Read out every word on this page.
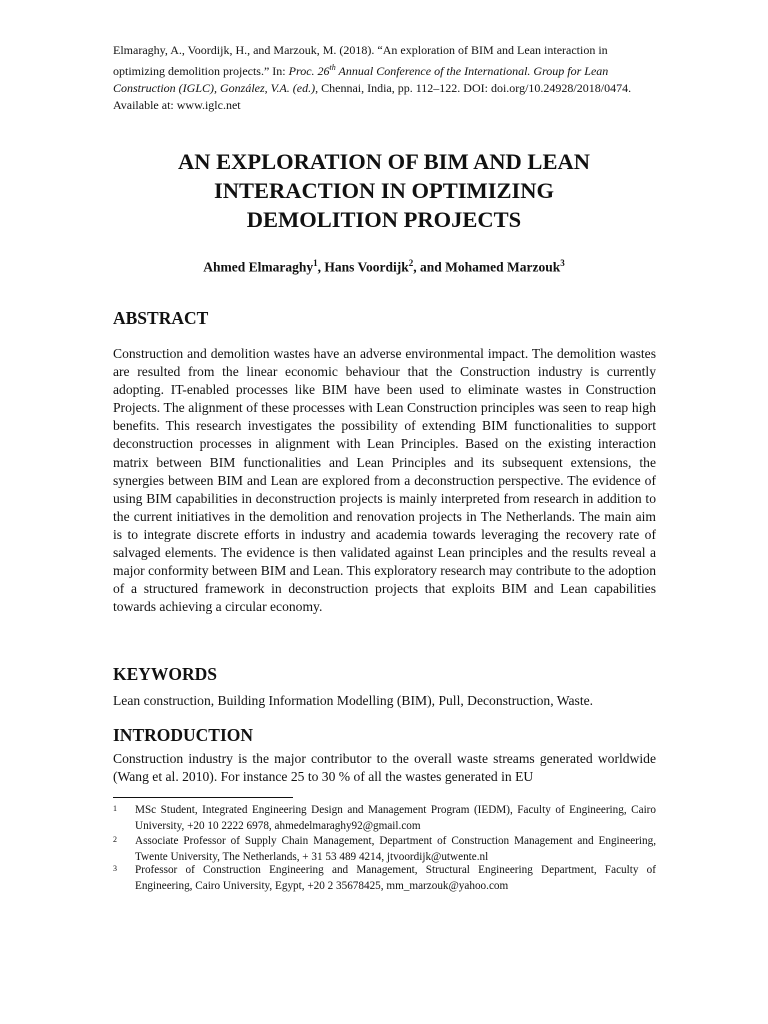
Elmaraghy, A., Voordijk, H., and Marzouk, M. (2018). “An exploration of BIM and Lean interaction in
optimizing demolition projects.” In: Proc. 26th Annual Conference of the International. Group for Lean
Construction (IGLC), González, V.A. (ed.), Chennai, India, pp. 112–122. DOI: doi.org/10.24928/2018/0474.
Available at: www.iglc.net
AN EXPLORATION OF BIM AND LEAN
INTERACTION IN OPTIMIZING
DEMOLITION PROJECTS
Ahmed Elmaraghy$^1$, Hans Voordijk$^2$, and Mohamed Marzouk$^3$
ABSTRACT
Construction and demolition wastes have an adverse environmental impact. The demolition wastes are resulted from the linear economic behaviour that the Construction industry is currently adopting. IT-enabled processes like BIM have been used to eliminate wastes in Construction Projects. The alignment of these processes with Lean Construction principles was seen to reap high benefits. This research investigates the possibility of extending BIM functionalities to support deconstruction processes in alignment with Lean Principles. Based on the existing interaction matrix between BIM functionalities and Lean Principles and its subsequent extensions, the synergies between BIM and Lean are explored from a deconstruction perspective. The evidence of using BIM capabilities in deconstruction projects is mainly interpreted from research in addition to the current initiatives in the demolition and renovation projects in The Netherlands. The main aim is to integrate discrete efforts in industry and academia towards leveraging the recovery rate of salvaged elements. The evidence is then validated against Lean principles and the results reveal a major conformity between BIM and Lean. This exploratory research may contribute to the adoption of a structured framework in deconstruction projects that exploits BIM and Lean capabilities towards achieving a circular economy.
KEYWORDS
Lean construction, Building Information Modelling (BIM), Pull, Deconstruction, Waste.
INTRODUCTION
Construction industry is the major contributor to the overall waste streams generated worldwide (Wang et al. 2010). For instance 25 to 30 % of all the wastes generated in EU
1 MSc Student, Integrated Engineering Design and Management Program (IEDM), Faculty of Engineering, Cairo University, +20 10 2222 6978, ahmedelmaraghy92@gmail.com
2 Associate Professor of Supply Chain Management, Department of Construction Management and Engineering, Twente University, The Netherlands, + 31 53 489 4214, jtvoordijk@utwente.nl
3 Professor of Construction Engineering and Management, Structural Engineering Department, Faculty of Engineering, Cairo University, Egypt, +20 2 35678425, mm_marzouk@yahoo.com
